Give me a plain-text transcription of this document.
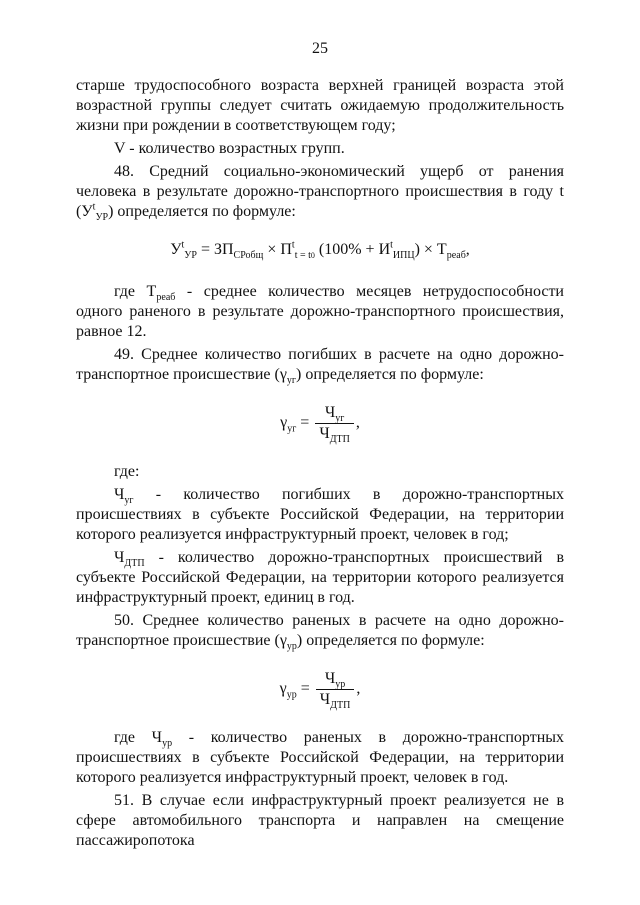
25

старше трудоспособного возраста верхней границей возраста этой возрастной группы следует считать ожидаемую продолжительность жизни при рождении в соответствующем году;

V - количество возрастных групп.

48. Средний социально-экономический ущерб от ранения человека в результате дорожно-транспортного происшествия в году t $(У^t_{УР})$ определяется по формуле:

$У^t_{УР} = ЗП_{СРобщ} \times П^t_{t = t0}$ $(100\% + И^t_{ИПЦ}) \times Т_{реаб}$,

где $Т_{реаб}$ - среднее количество месяцев нетрудоспособности одного раненого в результате дорожно-транспортного происшествия, равное 12.

49. Среднее количество погибших в расчете на одно дорожно-транспортное происшествие $(\gamma_{уг})$ определяется по формуле:

$\gamma_{уг} = \frac{Ч_{уг}}{Ч_{ДТП}}$ ,

где:

$Ч_{уг}$ - количество погибших в дорожно-транспортных происшествиях в субъекте Российской Федерации, на территории которого реализуется инфраструктурный проект, человек в год;

$Ч_{ДТП}$ - количество дорожно-транспортных происшествий в субъекте Российской Федерации, на территории которого реализуется инфраструктурный проект, единиц в год.

50. Среднее количество раненых в расчете на одно дорожно-транспортное происшествие $(\gamma_{ур})$ определяется по формуле:

$\gamma_{ур} = \frac{Ч_{ур}}{Ч_{ДТП}}$ ,

где $Ч_{ур}$ - количество раненых в дорожно-транспортных происшествиях в субъекте Российской Федерации, на территории которого реализуется инфраструктурный проект, человек в год.

51. В случае если инфраструктурный проект реализуется не в сфере автомобильного транспорта и направлен на смещение пассажиропотока
